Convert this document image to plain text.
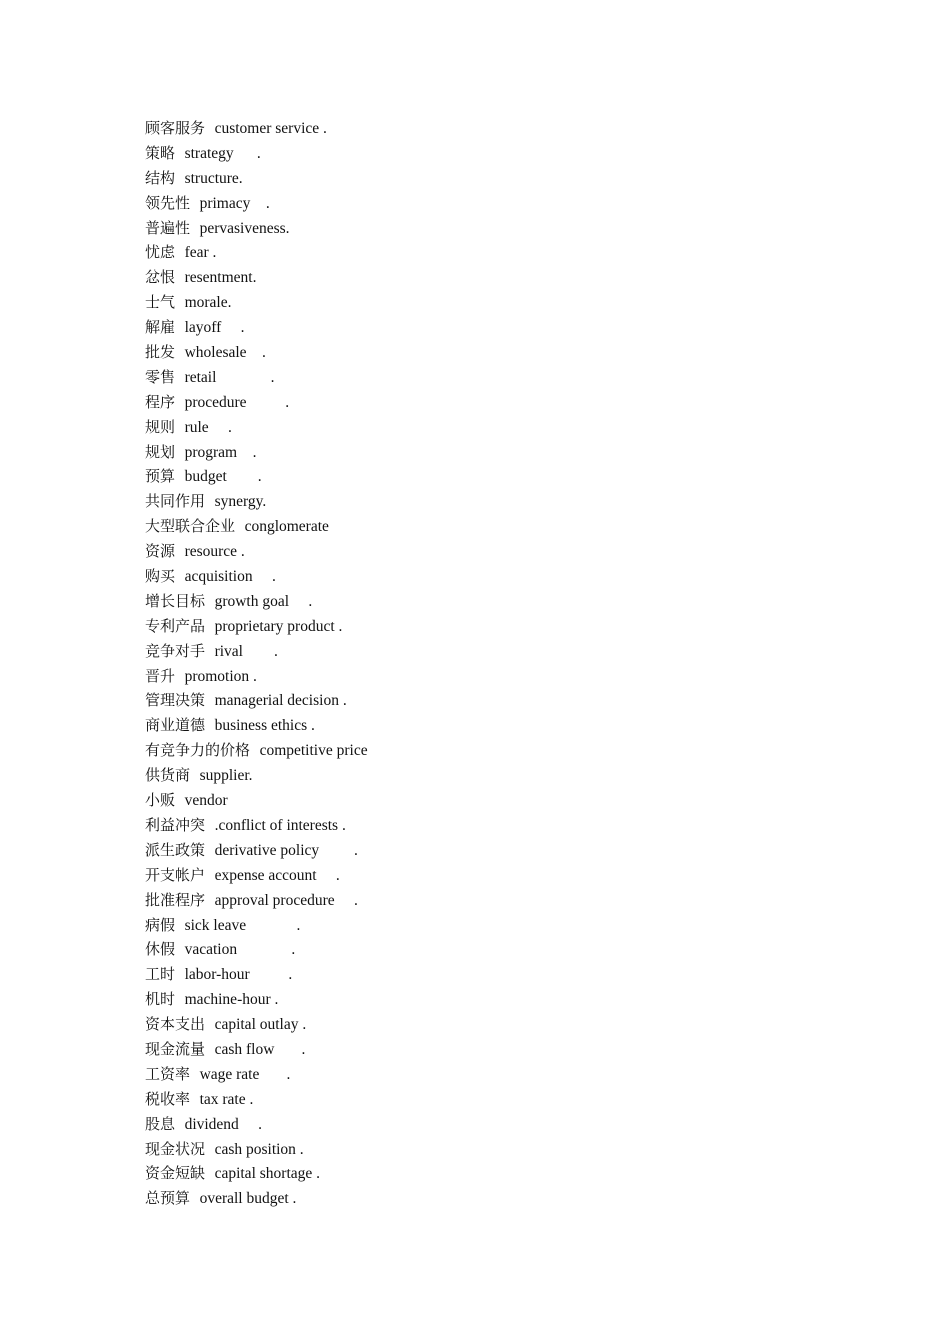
顾客服务 customer service .
策略 strategy      .
结构 structure.
领先性 primacy    .
普遍性 pervasiveness.
忧虑 fear .
忿恨 resentment.
士气 morale.
解雇 layoff     .
批发 wholesale    .
零售 retail              .
程序 procedure          .
规则 rule     .
规划 program    .
预算 budget        .
共同作用 synergy.
大型联合企业 conglomerate
资源 resource .
购买 acquisition     .
增长目标 growth goal     .
专利产品 proprietary product .
竞争对手 rival        .
晋升 promotion .
管理决策 managerial decision .
商业道德 business ethics .
有竞争力的价格 competitive price
供货商 supplier.
小贩 vendor
利益冲突 .conflict of interests .
派生政策 derivative policy         .
开支帐户 expense account     .
批准程序 approval procedure     .
病假 sick leave             .
休假 vacation              .
工时 labor-hour          .
机时 machine-hour .
资本支出 capital outlay .
现金流量 cash flow       .
工资率 wage rate       .
税收率 tax rate .
股息 dividend     .
现金状况 cash position .
资金短缺 capital shortage .
总预算 overall budget .
